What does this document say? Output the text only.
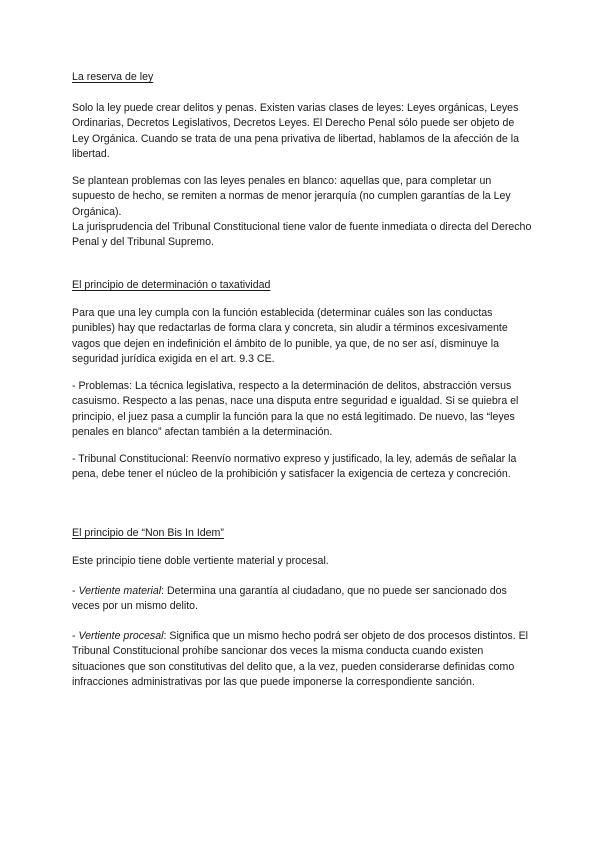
La reserva de ley

Solo la ley puede crear delitos y penas. Existen varias clases de leyes: Leyes orgánicas, Leyes Ordinarias, Decretos Legislativos, Decretos Leyes. El Derecho Penal sólo puede ser objeto de Ley Orgánica. Cuando se trata de una pena privativa de libertad, hablamos de la afección de la libertad.

Se plantean problemas con las leyes penales en blanco: aquellas que, para completar un supuesto de hecho, se remiten a normas de menor jerarquía (no cumplen garantías de la Ley Orgánica).

La jurisprudencia del Tribunal Constitucional tiene valor de fuente inmediata o directa del Derecho Penal y del Tribunal Supremo.

El principio de determinación o taxatividad

Para que una ley cumpla con la función establecida (determinar cuáles son las conductas punibles) hay que redactarlas de forma clara y concreta, sin aludir a términos excesivamente vagos que dejen en indefinición el ámbito de lo punible, ya que, de no ser así, disminuye la seguridad jurídica exigida en el art. 9.3 CE.

- Problemas: La técnica legislativa, respecto a la determinación de delitos, abstracción versus casuismo. Respecto a las penas, nace una disputa entre seguridad e igualdad. Si se quiebra el principio, el juez pasa a cumplir la función para la que no está legitimado. De nuevo, las “leyes penales en blanco” afectan también a la determinación.

- Tribunal Constitucional: Reenvío normativo expreso y justificado, la ley, además de señalar la pena, debe tener el núcleo de la prohibición y satisfacer la exigencia de certeza y concreción.

El principio de “Non Bis In Idem”

Este principio tiene doble vertiente material y procesal.

- Vertiente material: Determina una garantía al ciudadano, que no puede ser sancionado dos veces por un mismo delito.

- Vertiente procesal: Significa que un mismo hecho podrá ser objeto de dos procesos distintos. El Tribunal Constitucional prohíbe sancionar dos veces la misma conducta cuando existen situaciones que son constitutivas del delito que, a la vez, pueden considerarse definidas como infracciones administrativas por las que puede imponerse la correspondiente sanción.
